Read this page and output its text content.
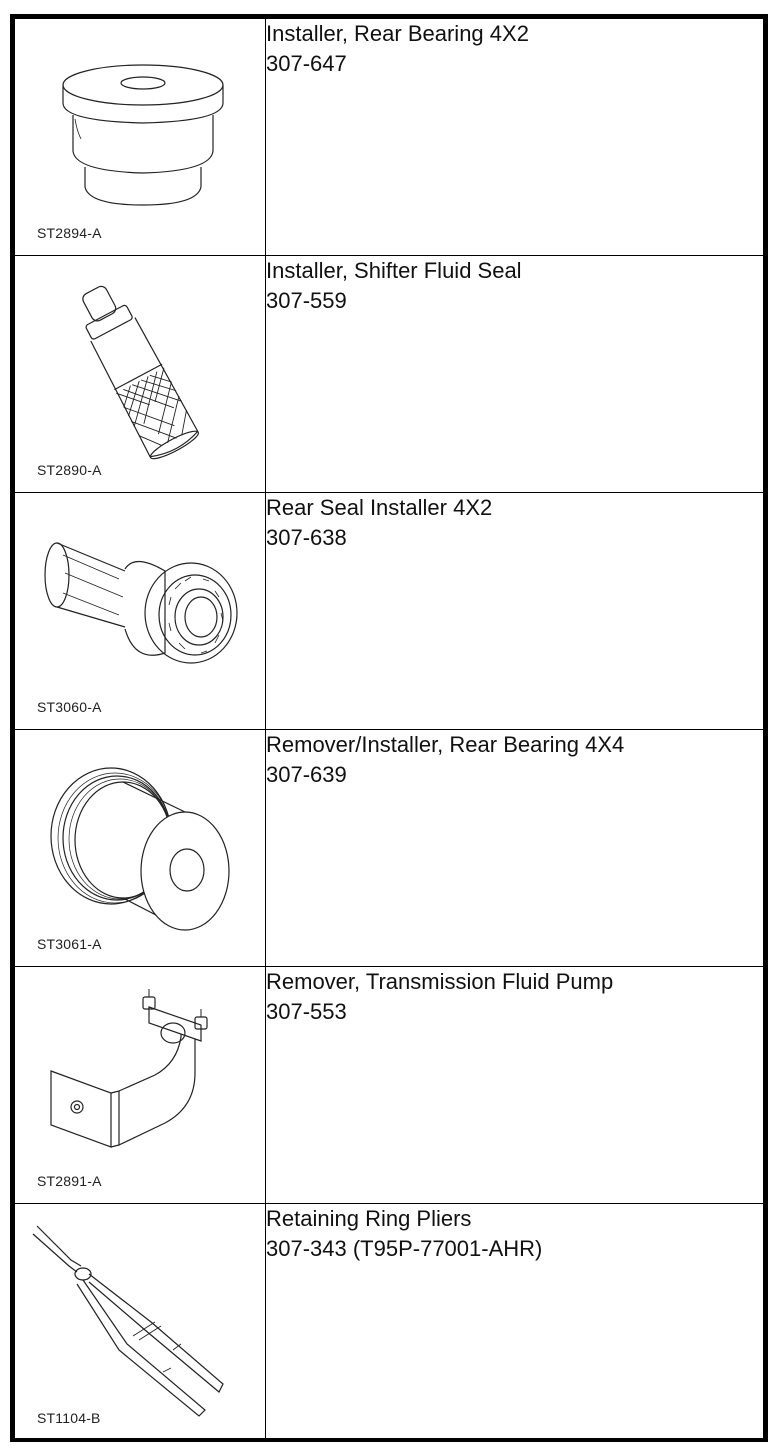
ST2894-A	Installer, Rear Bearing 4X2
307-647

ST2890-A	Installer, Shifter Fluid Seal
307-559

ST3060-A	Rear Seal Installer 4X2
307-638

ST3061-A	Remover/Installer, Rear Bearing 4X4
307-639

ST2891-A	Remover, Transmission Fluid Pump
307-553

ST1104-B	Retaining Ring Pliers
307-343 (T95P-77001-AHR)
